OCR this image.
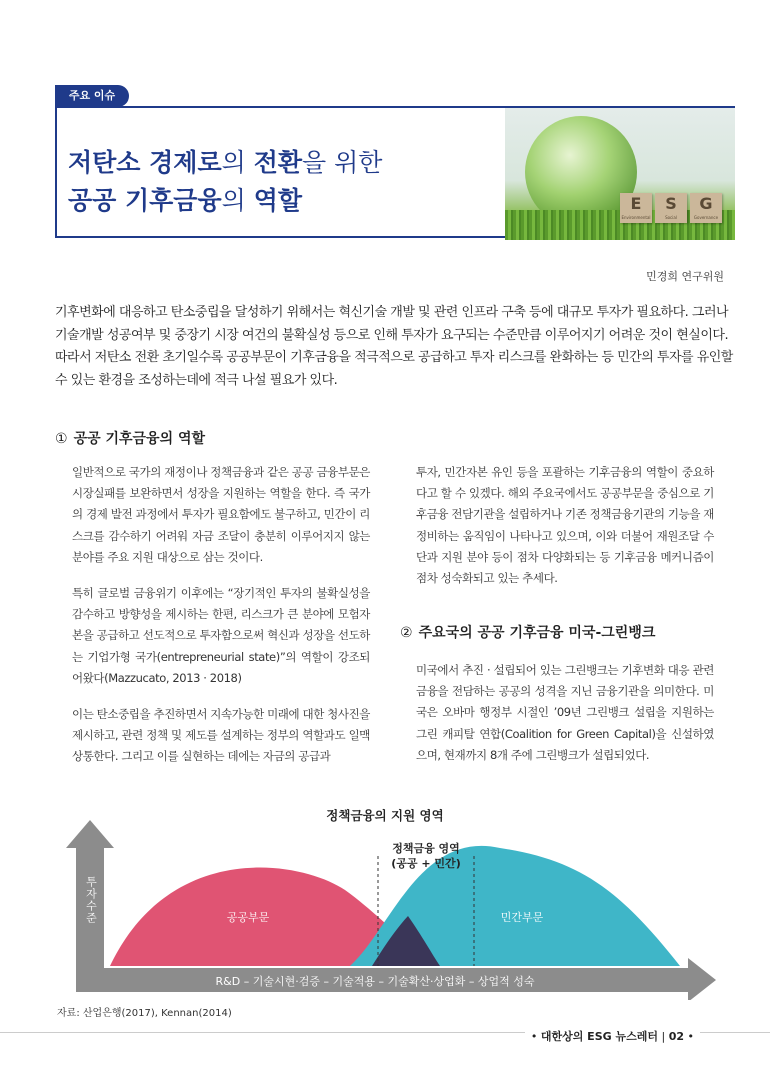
주요 이슈
저탄소 경제로의 전환을 위한
공공 기후금융의 역할	E
Environmental
S
Social
G
Governance
민경희 연구위원

기후변화에 대응하고 탄소중립을 달성하기 위해서는 혁신기술 개발 및 관련 인프라 구축 등에 대규모 투자가 필요하다. 그러나 기술개발 성공여부 및 중장기 시장 여건의 불확실성 등으로 인해 투자가 요구되는 수준만큼 이루어지기 어려운 것이 현실이다. 따라서 저탄소 전환 초기일수록 공공부문이 기후금융을 적극적으로 공급하고 투자 리스크를 완화하는 등 민간의 투자를 유인할 수 있는 환경을 조성하는데에 적극 나설 필요가 있다.

① 공공 기후금융의 역할

일반적으로 국가의 재정이나 정책금융과 같은 공공 금융부문은 시장실패를 보완하면서 성장을 지원하는 역할을 한다. 즉 국가의 경제 발전 과정에서 투자가 필요함에도 불구하고, 민간이 리스크를 감수하기 어려워 자금 조달이 충분히 이루어지지 않는 분야를 주요 지원 대상으로 삼는 것이다.

특히 글로벌 금융위기 이후에는 “장기적인 투자의 불확실성을 감수하고 방향성을 제시하는 한편, 리스크가 큰 분야에 모험자본을 공급하고 선도적으로 투자함으로써 혁신과 성장을 선도하는 기업가형 국가(entrepreneurial state)”의 역할이 강조되어왔다(Mazzucato, 2013 · 2018)

이는 탄소중립을 추진하면서 지속가능한 미래에 대한 청사진을 제시하고, 관련 정책 및 제도를 설계하는 정부의 역할과도 일맥상통한다. 그리고 이를 실현하는 데에는 자금의 공급과

투자, 민간자본 유인 등을 포괄하는 기후금융의 역할이 중요하다고 할 수 있겠다. 해외 주요국에서도 공공부문을 중심으로 기후금융 전담기관을 설립하거나 기존 정책금융기관의 기능을 재정비하는 움직임이 나타나고 있으며, 이와 더불어 재원조달 수단과 지원 분야 등이 점차 다양화되는 등 기후금융 메커니즘이 점차 성숙화되고 있는 추세다.

② 주요국의 공공 기후금융 미국-그린뱅크

미국에서 추진 · 설립되어 있는 그린뱅크는 기후변화 대응 관련 금융을 전담하는 공공의 성격을 지닌 금융기관을 의미한다. 미국은 오바마 행정부 시절인 ’09년 그린뱅크 설립을 지원하는 그린 캐피탈 연합(Coalition for Green Capital)을 신설하였으며, 현재까지 8개 주에 그린뱅크가 설립되었다.

정책금융의 지원 영역
투자수준
정책금융 영역
(공공 + 민간)
공공부문	민간부문
R&D – 기술시현·검증 – 기술적용 – 기술확산·상업화 – 상업적 성숙
자료: 산업은행(2017), Kennan(2014)
• 대한상의 ESG 뉴스레터 | 02 •
